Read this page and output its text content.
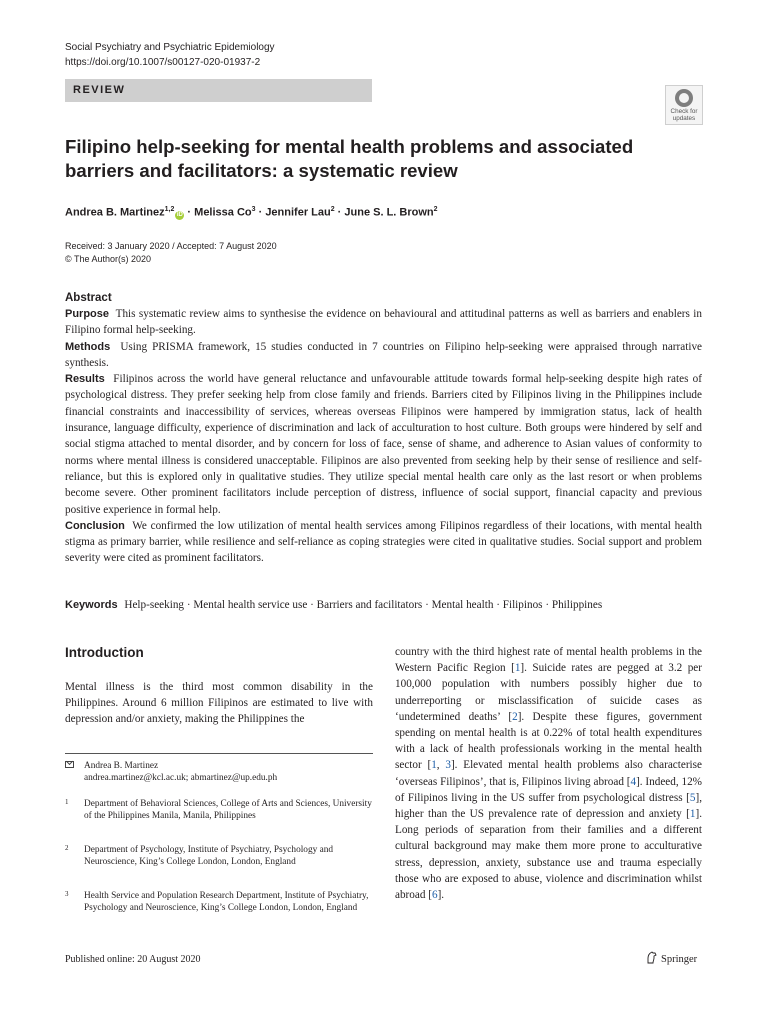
Social Psychiatry and Psychiatric Epidemiology
https://doi.org/10.1007/s00127-020-01937-2
REVIEW
Check for
updates
Filipino help-seeking for mental health problems and associated barriers and facilitators: a systematic review
Andrea B. Martinez$^{1,2}$iD · Melissa $Co^3$ · Jennifer Lau$^2$ · June S. L. Brown$^2$
Received: 3 January 2020 / Accepted: 7 August 2020
© The Author(s) 2020
Abstract

Purpose This systematic review aims to synthesise the evidence on behavioural and attitudinal patterns as well as barriers and enablers in Filipino formal help-seeking.

Methods Using PRISMA framework, 15 studies conducted in 7 countries on Filipino help-seeking were appraised through narrative synthesis.

Results Filipinos across the world have general reluctance and unfavourable attitude towards formal help-seeking despite high rates of psychological distress. They prefer seeking help from close family and friends. Barriers cited by Filipinos living in the Philippines include financial constraints and inaccessibility of services, whereas overseas Filipinos were hampered by immigration status, lack of health insurance, language difficulty, experience of discrimination and lack of acculturation to host culture. Both groups were hindered by self and social stigma attached to mental disorder, and by concern for loss of face, sense of shame, and adherence to Asian values of conformity to norms where mental illness is considered unacceptable. Filipinos are also prevented from seeking help by their sense of resilience and self-reliance, but this is explored only in qualitative studies. They utilize special mental health care only as the last resort or when problems become severe. Other prominent facilitators include perception of distress, influence of social support, financial capacity and previous positive experience in formal help.

Conclusion We confirmed the low utilization of mental health services among Filipinos regardless of their locations, with mental health stigma as primary barrier, while resilience and self-reliance as coping strategies were cited in qualitative studies. Social support and problem severity were cited as prominent facilitators.

Keywords Help-seeking · Mental health service use · Barriers and facilitators · Mental health · Filipinos · Philippines
Introduction

Mental illness is the third most common disability in the Philippines. Around 6 million Filipinos are estimated to live with depression and/or anxiety, making the Philippines the

country with the third highest rate of mental health problems in the Western Pacific Region [1]. Suicide rates are pegged at 3.2 per 100,000 population with numbers possibly higher due to underreporting or misclassification of suicide cases as ‘undetermined deaths’ [2]. Despite these figures, government spending on mental health is at 0.22% of total health expenditures with a lack of health professionals working in the mental health sector [1, 3]. Elevated mental health problems also characterise ‘overseas Filipinos’, that is, Filipinos living abroad [4]. Indeed, 12% of Filipinos living in the US suffer from psychological distress [5], higher than the US prevalence rate of depression and anxiety [1]. Long periods of separation from their families and a different cultural background may make them more prone to acculturative stress, depression, anxiety, substance use and trauma especially those who are exposed to abuse, violence and discrimination whilst abroad [6].

Andrea B. Martinez
andrea.martinez@kcl.ac.uk; abmartinez@up.edu.ph
1 Department of Behavioral Sciences, College of Arts and Sciences, University of the Philippines Manila, Manila, Philippines
2 Department of Psychology, Institute of Psychiatry, Psychology and Neuroscience, King’s College London, London, England
3 Health Service and Population Research Department, Institute of Psychiatry, Psychology and Neuroscience, King’s College London, London, England
Published online: 20 August 2020	Springer
